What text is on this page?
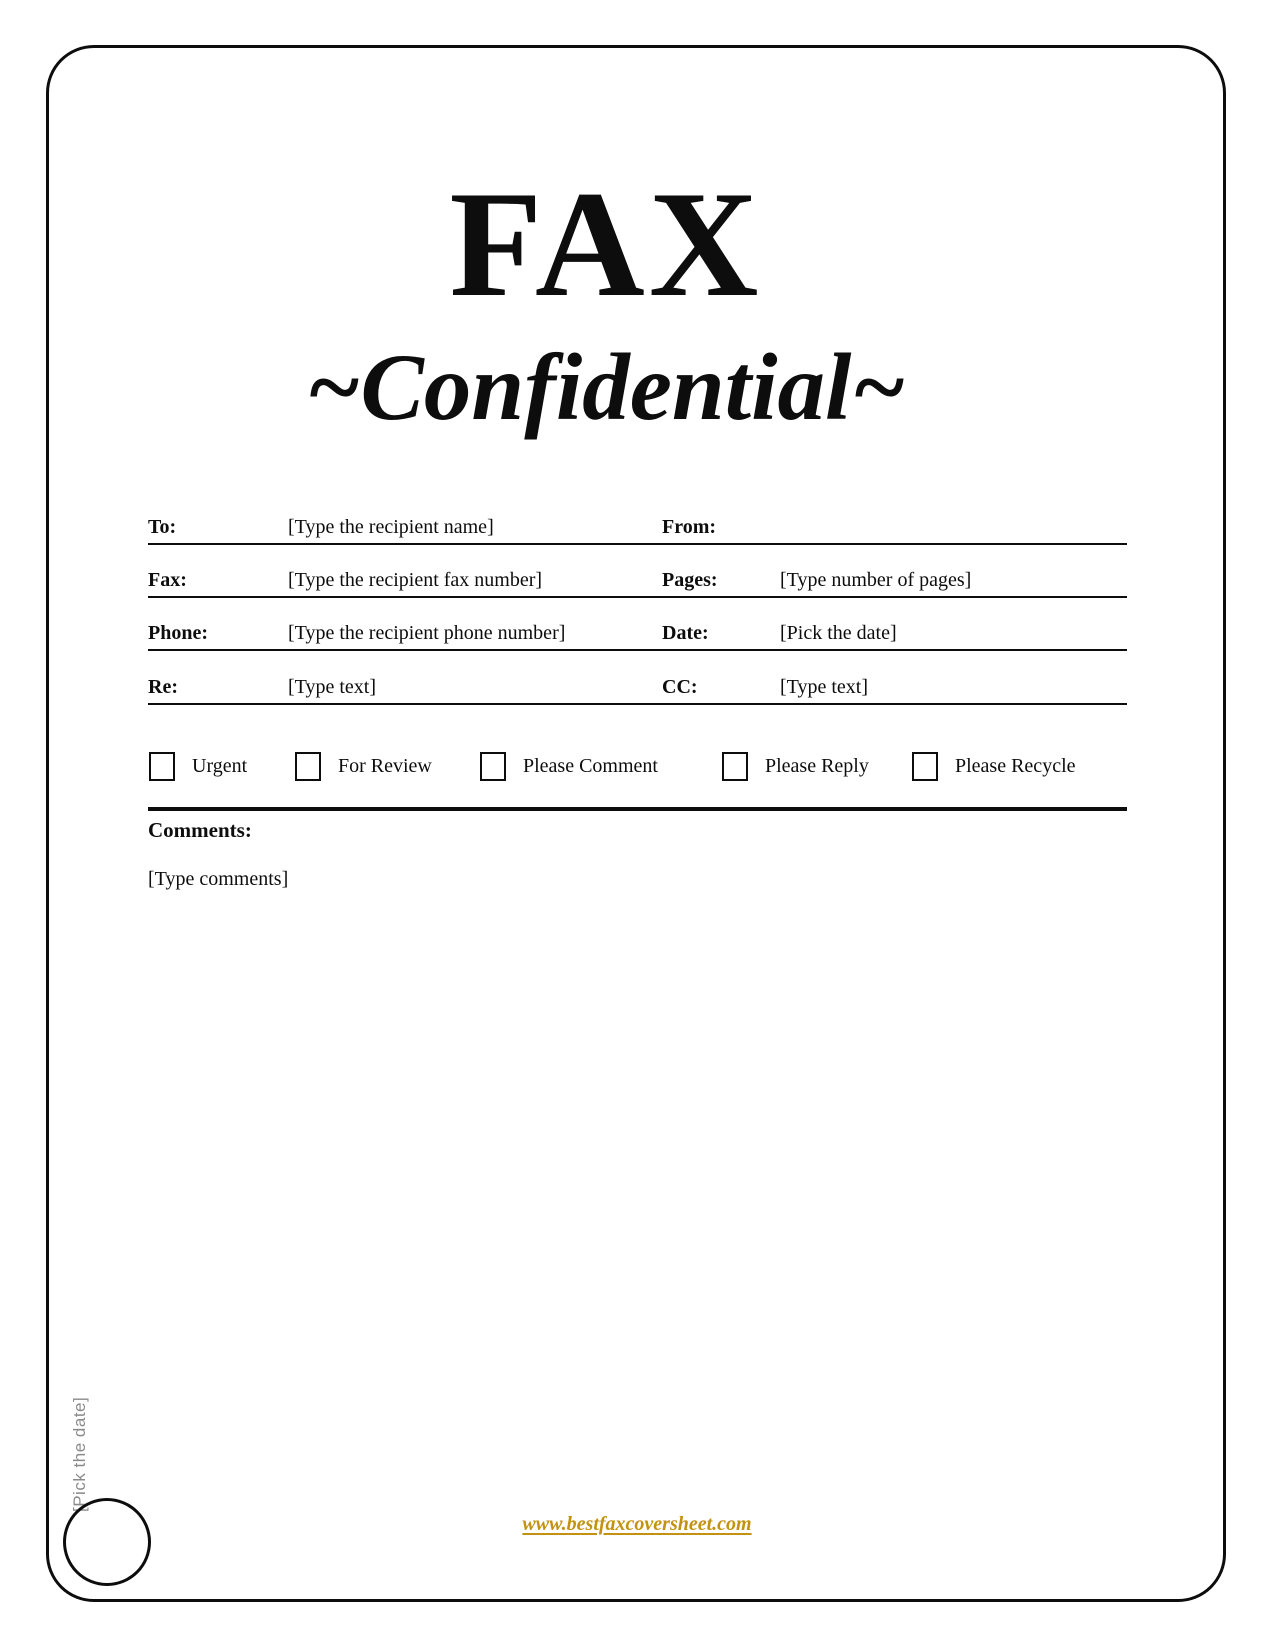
FAX
~Confidential~
To:	[Type the recipient name]	From:
Fax:	[Type the recipient fax number]	Pages:	[Type number of pages]
Phone:	[Type the recipient phone number]	Date:	[Pick the date]
Re:	[Type text]	CC:	[Type text]
Urgent	For Review	Please Comment	Please Reply	Please Recycle
Comments:
[Type comments]
[Pick the date]
www.bestfaxcoversheet.com
